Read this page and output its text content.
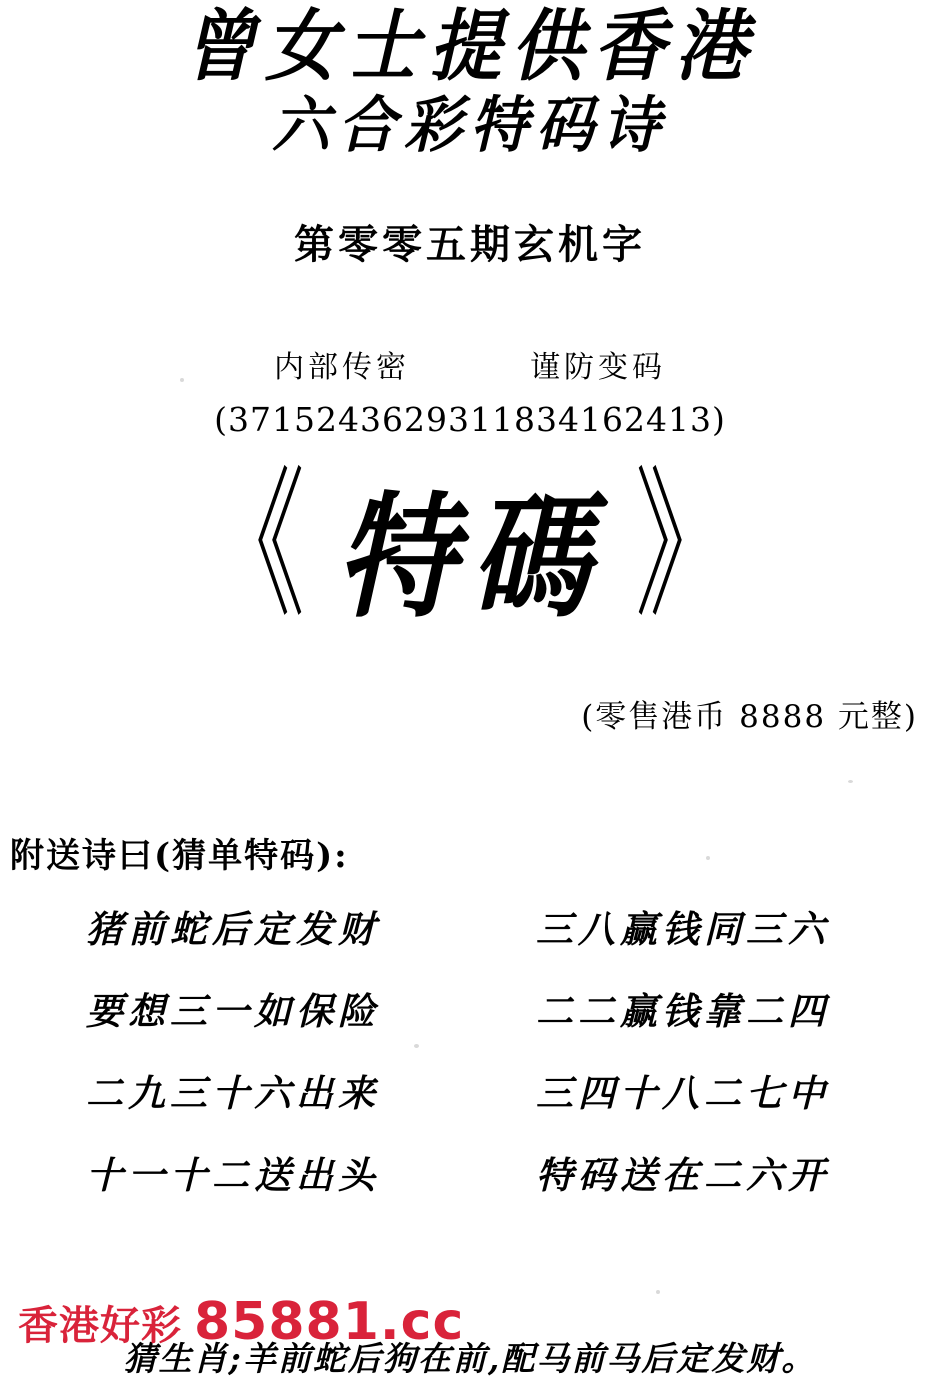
曾女士提供香港
六合彩特码诗
第零零五期玄机字
内部传密	谨防变码
(3715243629311834162413)
《 特碼 》
(零售港币 8888 元整)
附送诗曰(猜单特码):
猪前蛇后定发财	三八赢钱同三六
要想三一如保险	二二赢钱靠二四
二九三十六出来	三四十八二七中
十一十二送出头	特码送在二六开
猜生肖;羊前蛇后狗在前,配马前马后定发财。
香港好彩 85881.cc
